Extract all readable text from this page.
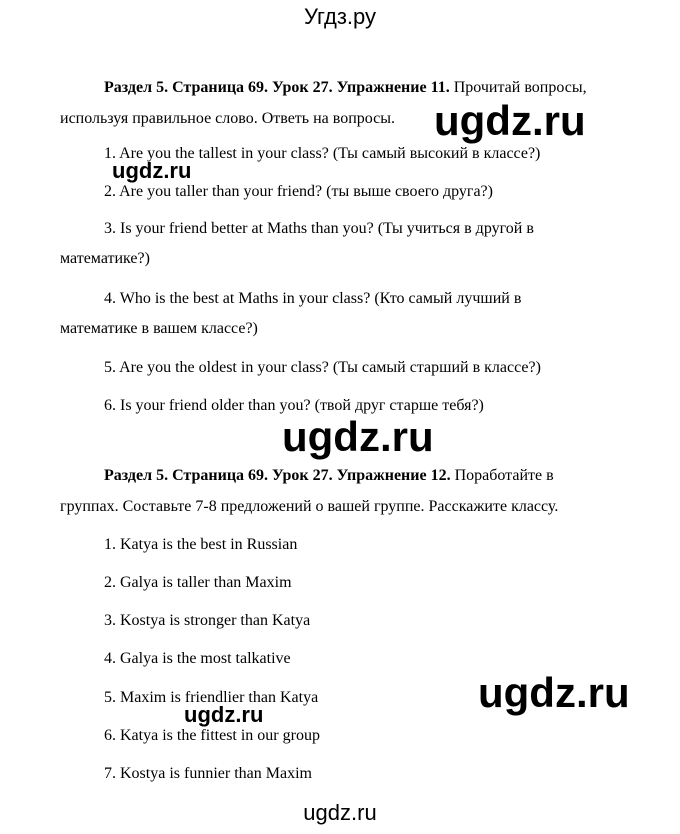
Угдз.ру
Раздел 5. Страница 69. Урок 27. Упражнение 11. Прочитай вопросы,
используя правильное слово. Ответь на вопросы.
1. Are you the tallest in your class? (Ты самый высокий в классе?)
2. Are you taller than your friend? (ты выше своего друга?)
3. Is your friend better at Maths than you? (Ты учиться в другой в
математике?)
4. Who is the best at Maths in your class? (Кто самый лучший в
математике в вашем классе?)
5. Are you the oldest in your class? (Ты самый старший в классе?)
6. Is your friend older than you? (твой друг старше тебя?)
Раздел 5. Страница 69. Урок 27. Упражнение 12. Поработайте в
группах. Составьте 7-8 предложений о вашей группе. Расскажите классу.
1. Katya is the best in Russian
2. Galya is taller than Maxim
3. Kostya is stronger than Katya
4. Galya is the most talkative
5. Maxim is friendlier than Katya
6. Katya is the fittest in our group
7. Kostya is funnier than Maxim
ugdz.ru
ugdz.ru
ugdz.ru
ugdz.ru
ugdz.ru
ugdz.ru
